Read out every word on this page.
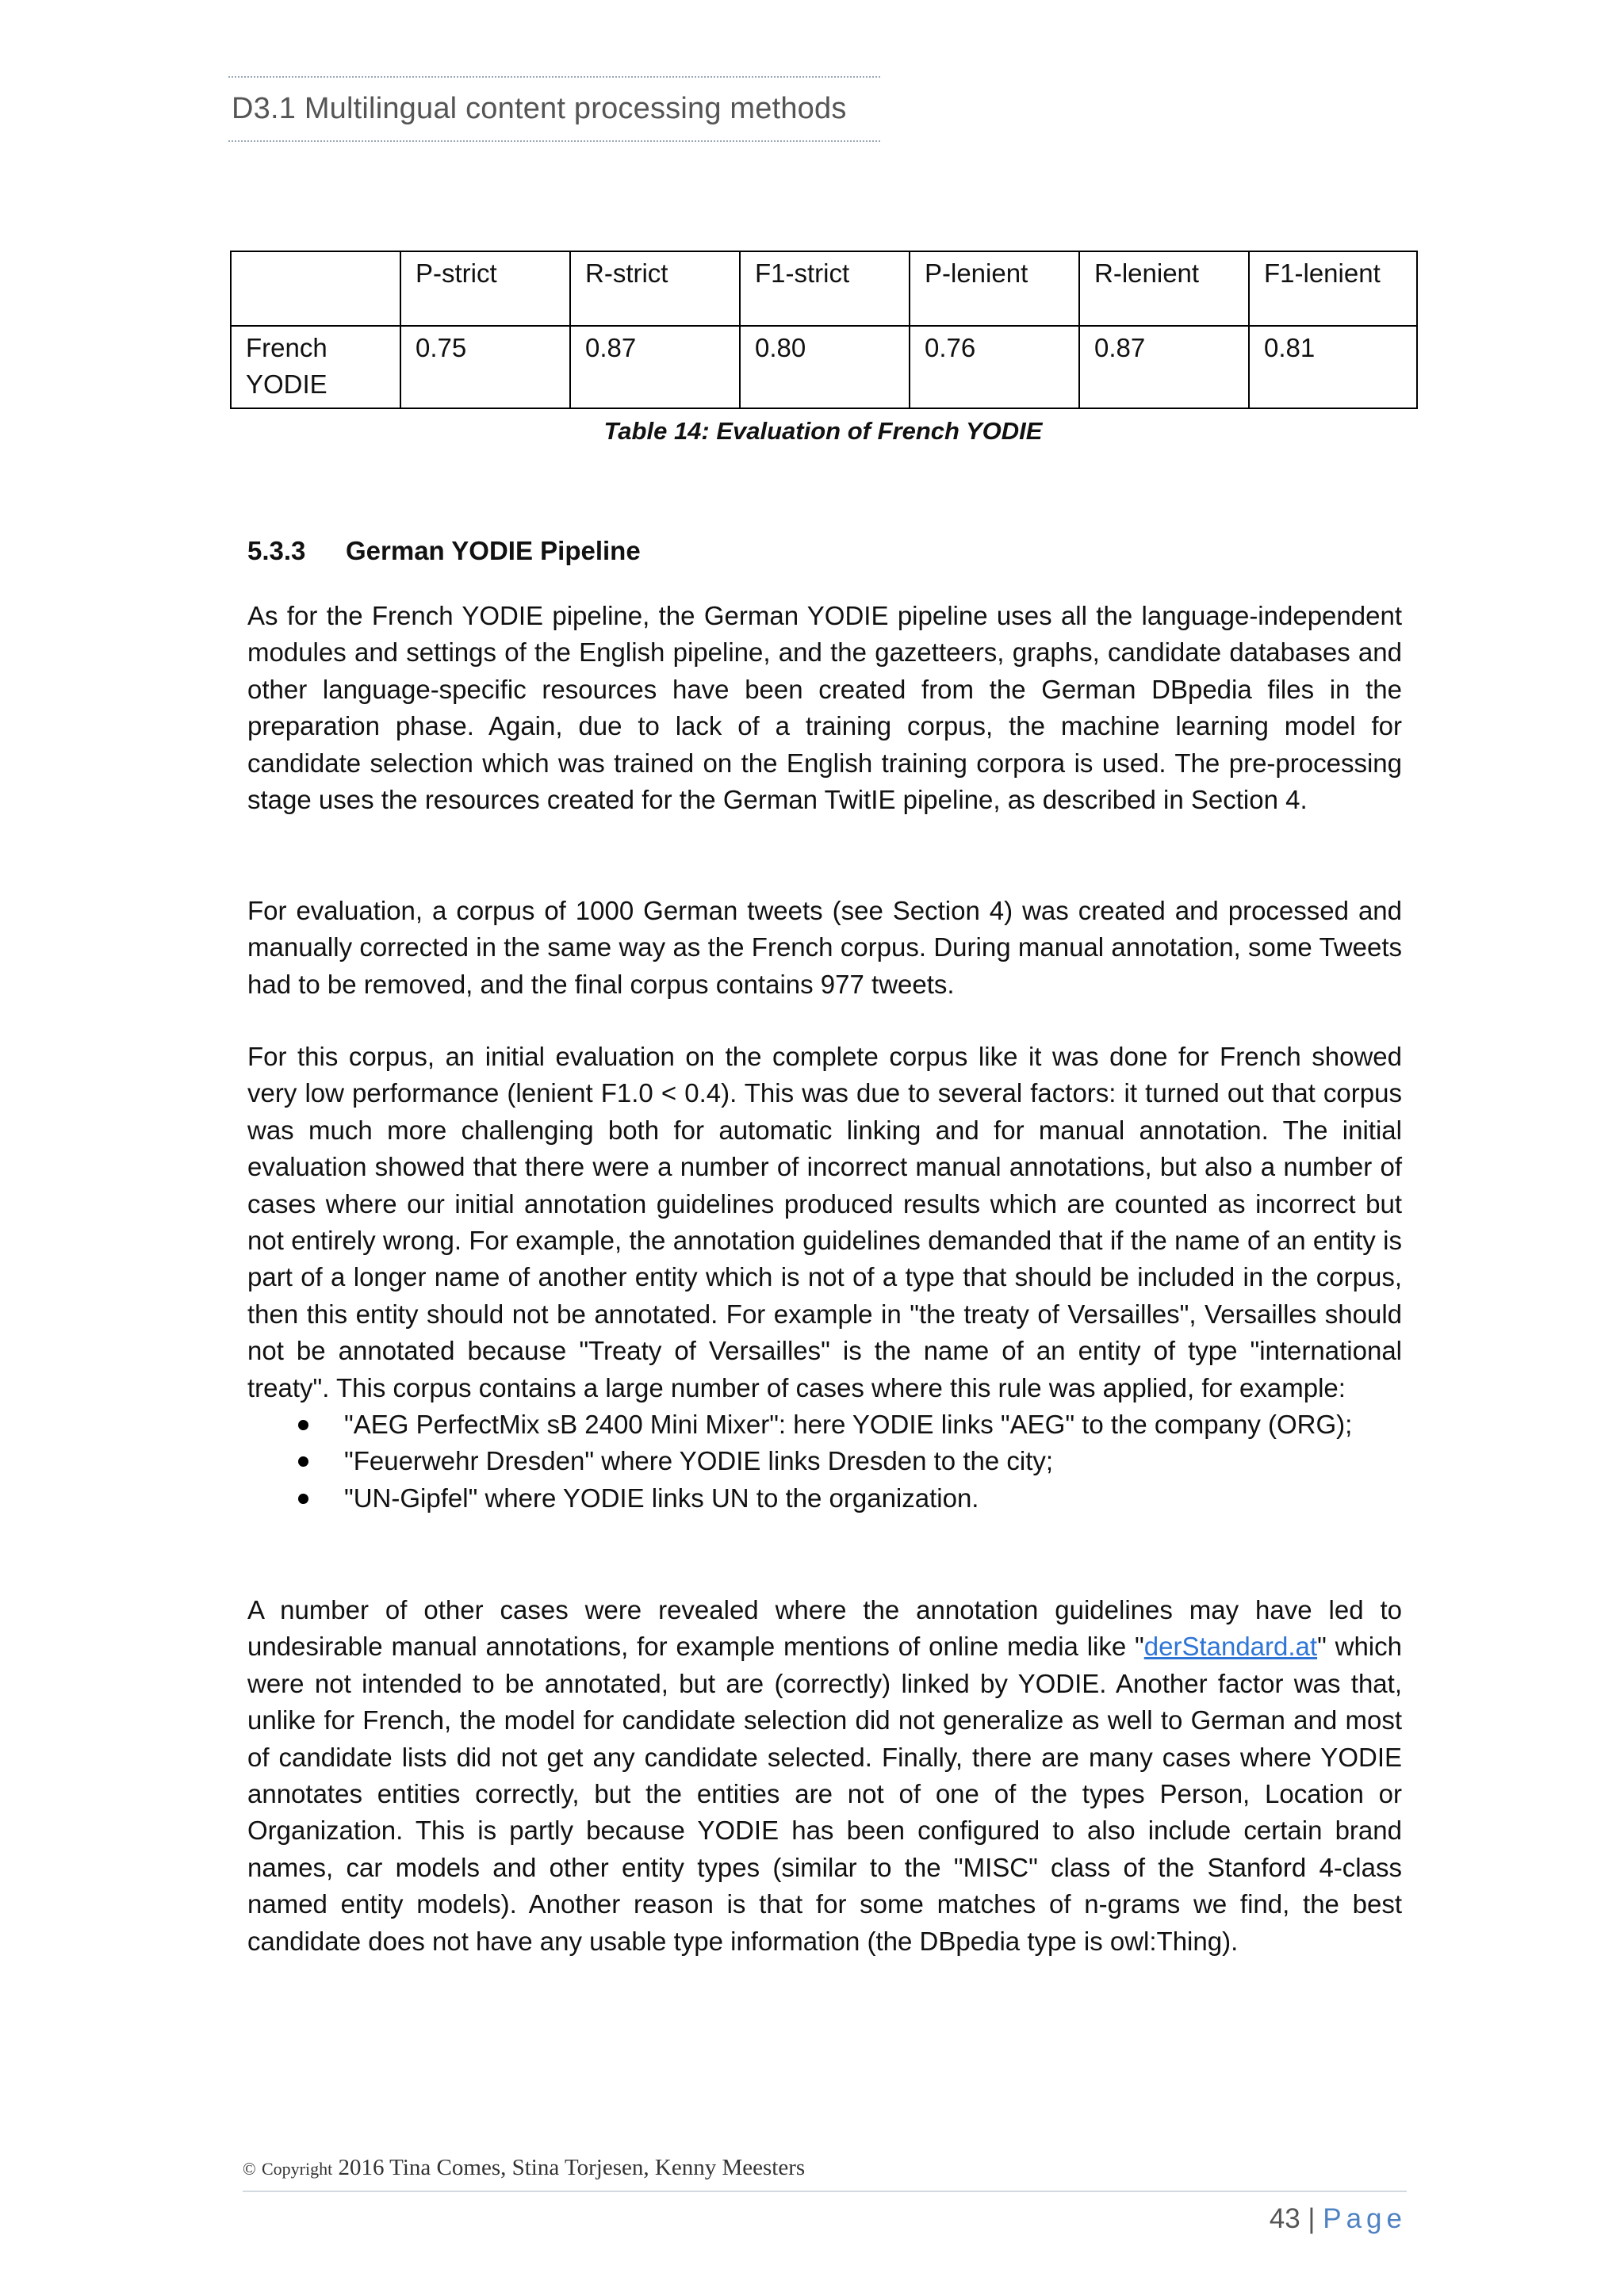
D3.1 Multilingual content processing methods
	P-strict	R-strict	F1-strict	P-lenient	R-lenient	F1-lenient
French YODIE	0.75	0.87	0.80	0.76	0.87	0.81
Table 14: Evaluation of French YODIE
5.3.3 German YODIE Pipeline

As for the French YODIE pipeline, the German YODIE pipeline uses all the language-independent modules and settings of the English pipeline, and the gazetteers, graphs, candidate databases and other language-specific resources have been created from the German DBpedia files in the preparation phase. Again, due to lack of a training corpus, the machine learning model for candidate selection which was trained on the English training corpora is used. The pre-processing stage uses the resources created for the German TwitIE pipeline, as described in Section 4.

For evaluation, a corpus of 1000 German tweets (see Section 4) was created and processed and manually corrected in the same way as the French corpus. During manual annotation, some Tweets had to be removed, and the final corpus contains 977 tweets.

For this corpus, an initial evaluation on the complete corpus like it was done for French showed very low performance (lenient F1.0 < 0.4). This was due to several factors: it turned out that corpus was much more challenging both for automatic linking and for manual annotation. The initial evaluation showed that there were a number of incorrect manual annotations, but also a number of cases where our initial annotation guidelines produced results which are counted as incorrect but not entirely wrong. For example, the annotation guidelines demanded that if the name of an entity is part of a longer name of another entity which is not of a type that should be included in the corpus, then this entity should not be annotated. For example in "the treaty of Versailles", Versailles should not be annotated because "Treaty of Versailles" is the name of an entity of type "international treaty". This corpus contains a large number of cases where this rule was applied, for example:

"AEG PerfectMix sB 2400 Mini Mixer": here YODIE links "AEG" to the company (ORG);
"Feuerwehr Dresden" where YODIE links Dresden to the city;
"UN-Gipfel" where YODIE links UN to the organization.

A number of other cases were revealed where the annotation guidelines may have led to undesirable manual annotations, for example mentions of online media like "derStandard.at" which were not intended to be annotated, but are (correctly) linked by YODIE. Another factor was that, unlike for French, the model for candidate selection did not generalize as well to German and most of candidate lists did not get any candidate selected. Finally, there are many cases where YODIE annotates entities correctly, but the entities are not of one of the types Person, Location or Organization. This is partly because YODIE has been configured to also include certain brand names, car models and other entity types (similar to the "MISC" class of the Stanford 4-class named entity models). Another reason is that for some matches of n-grams we find, the best candidate does not have any usable type information (the DBpedia type is owl:Thing).

© Copyright 2016 Tina Comes, Stina Torjesen, Kenny Meesters
43 | Page
